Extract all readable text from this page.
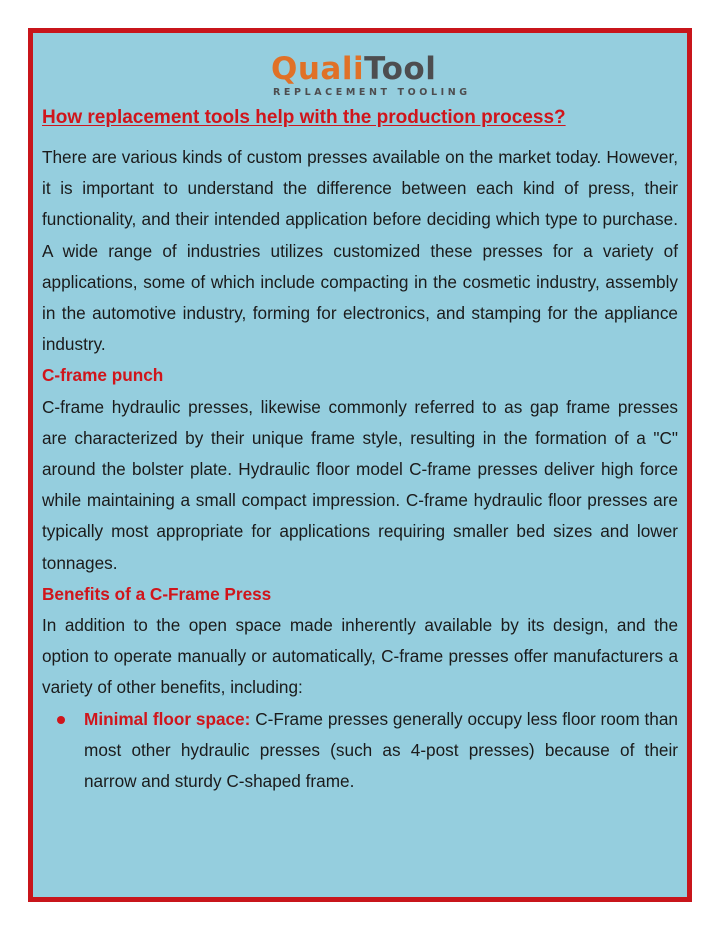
QualiTool
REPLACEMENT TOOLING
How replacement tools help with the production process?

There are various kinds of custom presses available on the market today. However, it is important to understand the difference between each kind of press, their functionality, and their intended application before deciding which type to purchase. A wide range of industries utilizes customized these presses for a variety of applications, some of which include compacting in the cosmetic industry, assembly in the automotive industry, forming for electronics, and stamping for the appliance industry.

C-frame punch

C-frame hydraulic presses, likewise commonly referred to as gap frame presses are characterized by their unique frame style, resulting in the formation of a "C" around the bolster plate. Hydraulic floor model C-frame presses deliver high force while maintaining a small compact impression. C-frame hydraulic floor presses are typically most appropriate for applications requiring smaller bed sizes and lower tonnages.

Benefits of a C-Frame Press

In addition to the open space made inherently available by its design, and the option to operate manually or automatically, C-frame presses offer manufacturers a variety of other benefits, including:

Minimal floor space: C-Frame presses generally occupy less floor room than most other hydraulic presses (such as 4-post presses) because of their narrow and sturdy C-shaped frame.
